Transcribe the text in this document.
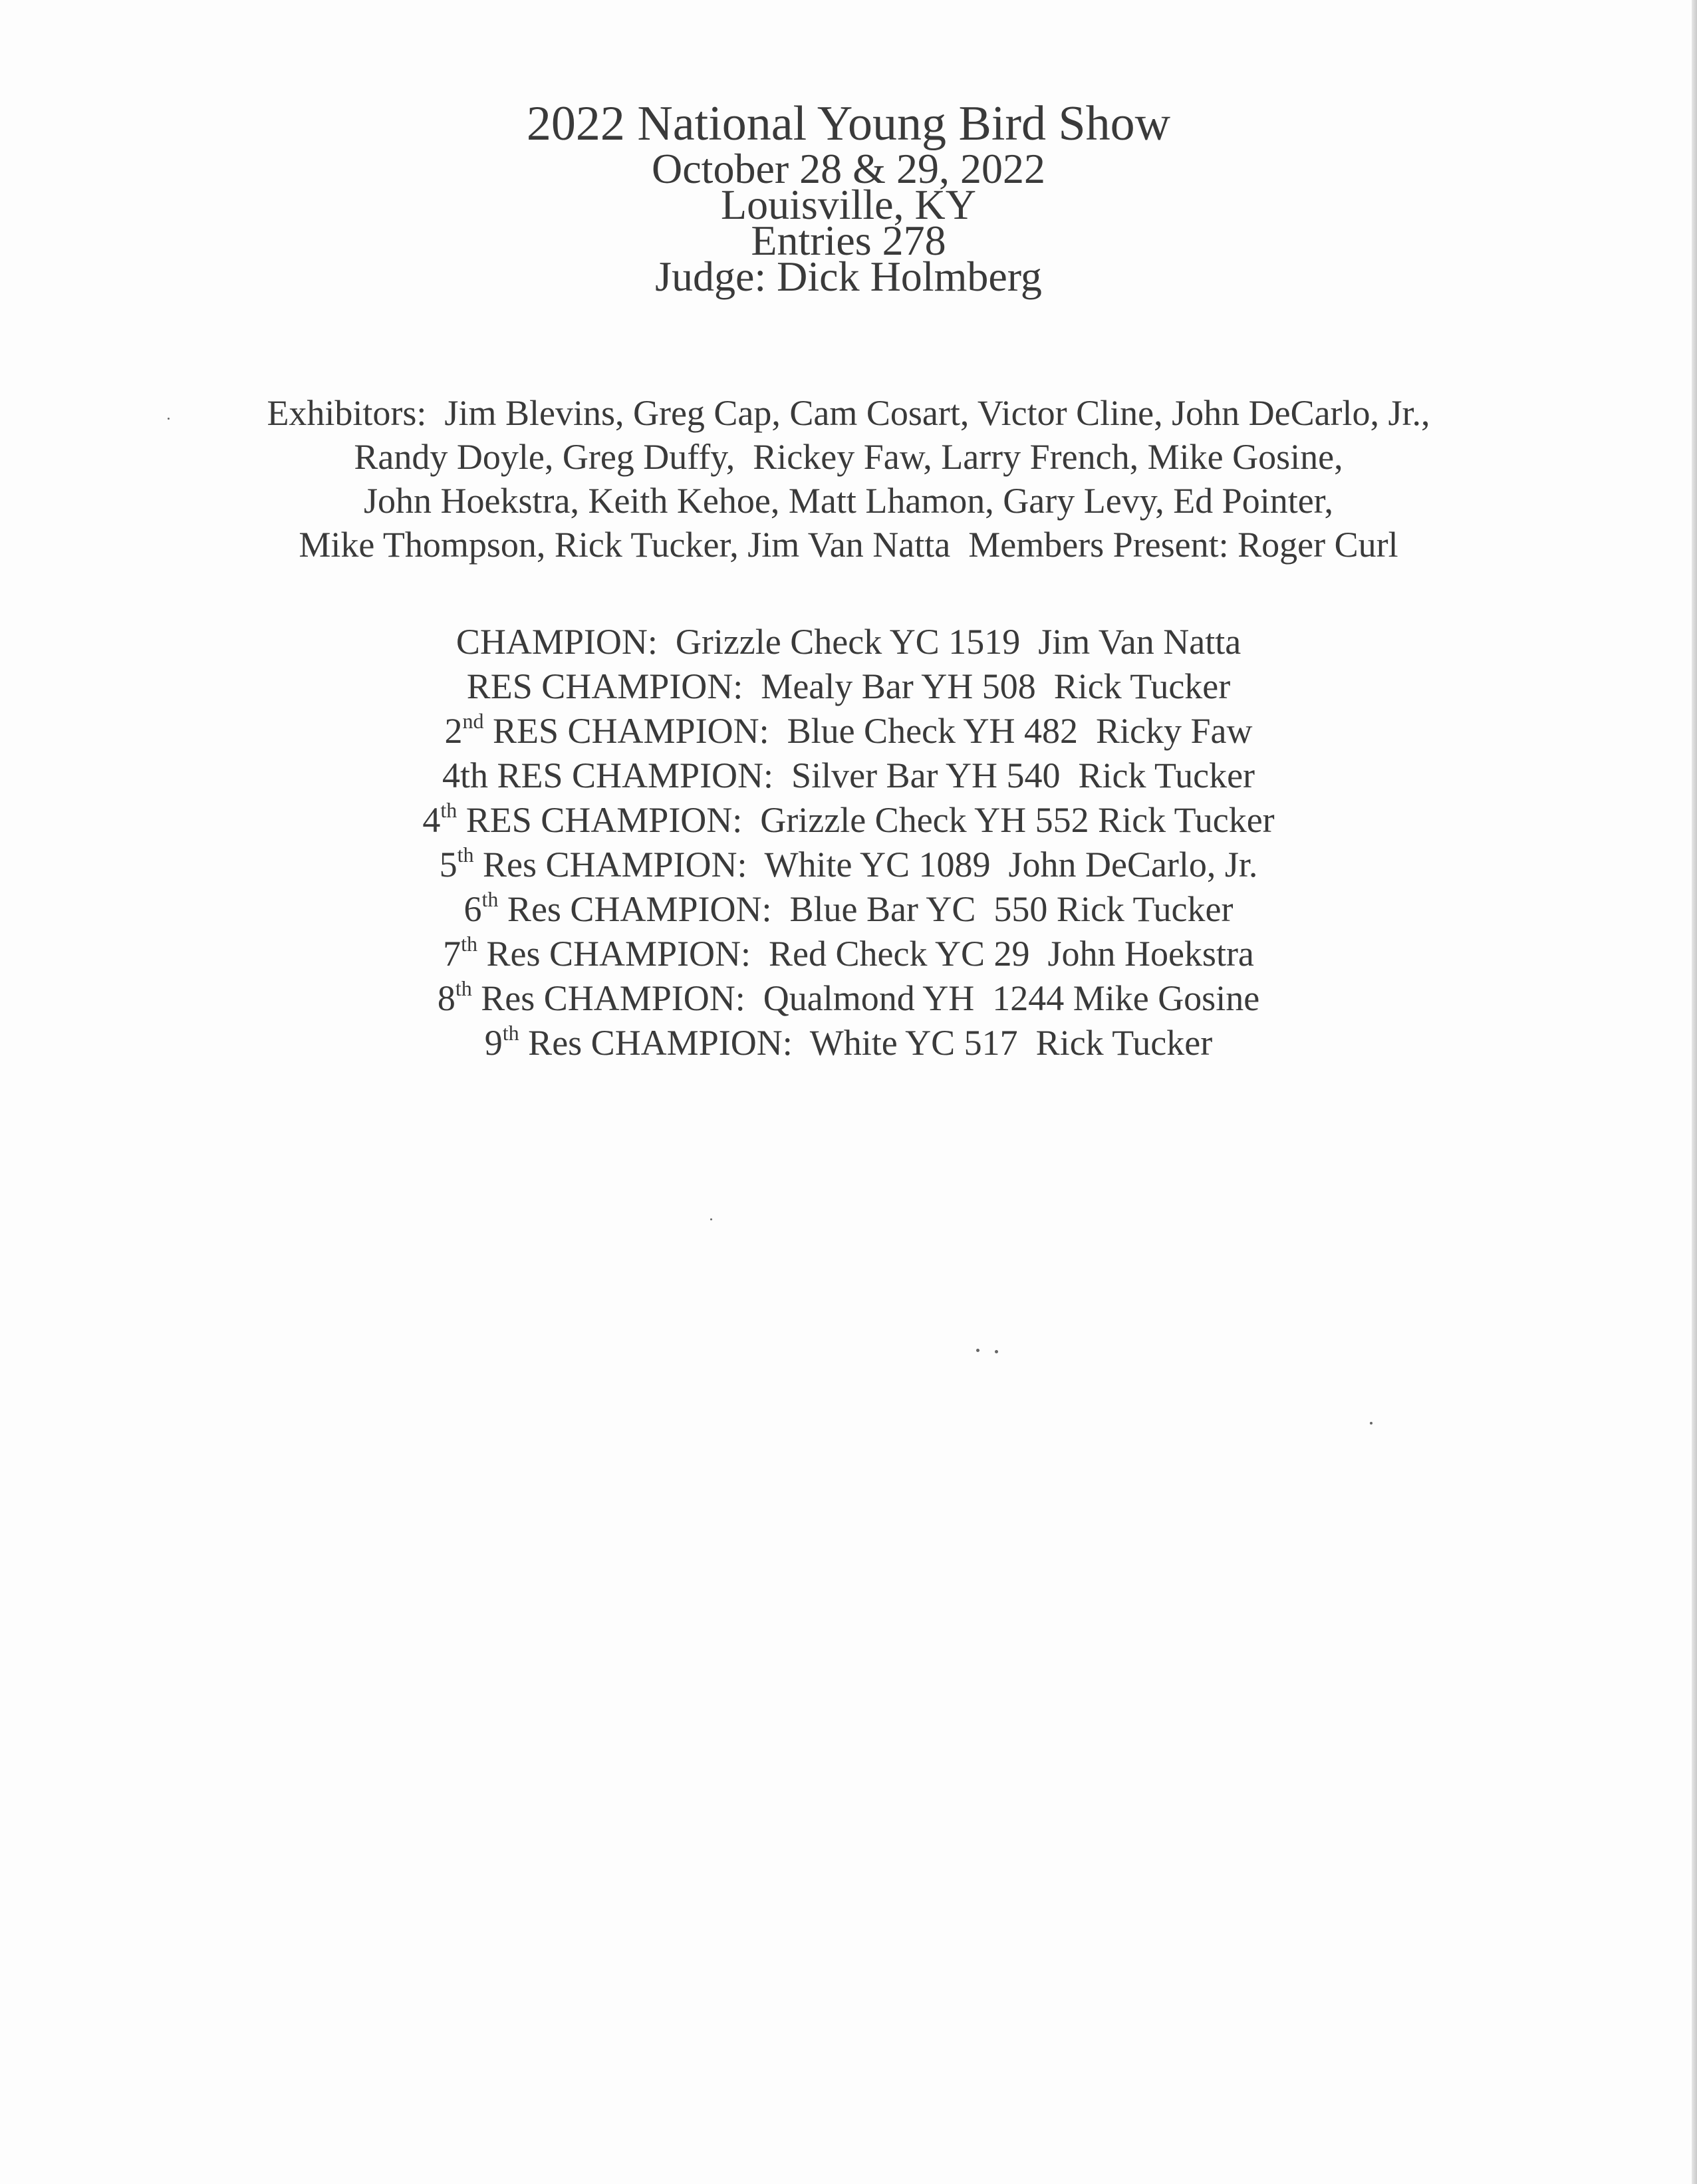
2022 National Young Bird Show
October 28 & 29, 2022
Louisville, KY
Entries 278
Judge: Dick Holmberg
Exhibitors:  Jim Blevins, Greg Cap, Cam Cosart, Victor Cline, John DeCarlo, Jr.,
Randy Doyle, Greg Duffy,  Rickey Faw, Larry French, Mike Gosine,
John Hoekstra, Keith Kehoe, Matt Lhamon, Gary Levy, Ed Pointer,
Mike Thompson, Rick Tucker, Jim Van Natta  Members Present: Roger Curl
CHAMPION:  Grizzle Check YC 1519  Jim Van Natta
RES CHAMPION:  Mealy Bar YH 508  Rick Tucker
2nd RES CHAMPION:  Blue Check YH 482  Ricky Faw
4th RES CHAMPION:  Silver Bar YH 540  Rick Tucker
4th RES CHAMPION:  Grizzle Check YH 552 Rick Tucker
5th Res CHAMPION:  White YC 1089  John DeCarlo, Jr.
6th Res CHAMPION:  Blue Bar YC  550 Rick Tucker
7th Res CHAMPION:  Red Check YC 29  John Hoekstra
8th Res CHAMPION:  Qualmond YH  1244 Mike Gosine
9th Res CHAMPION:  White YC 517  Rick Tucker
